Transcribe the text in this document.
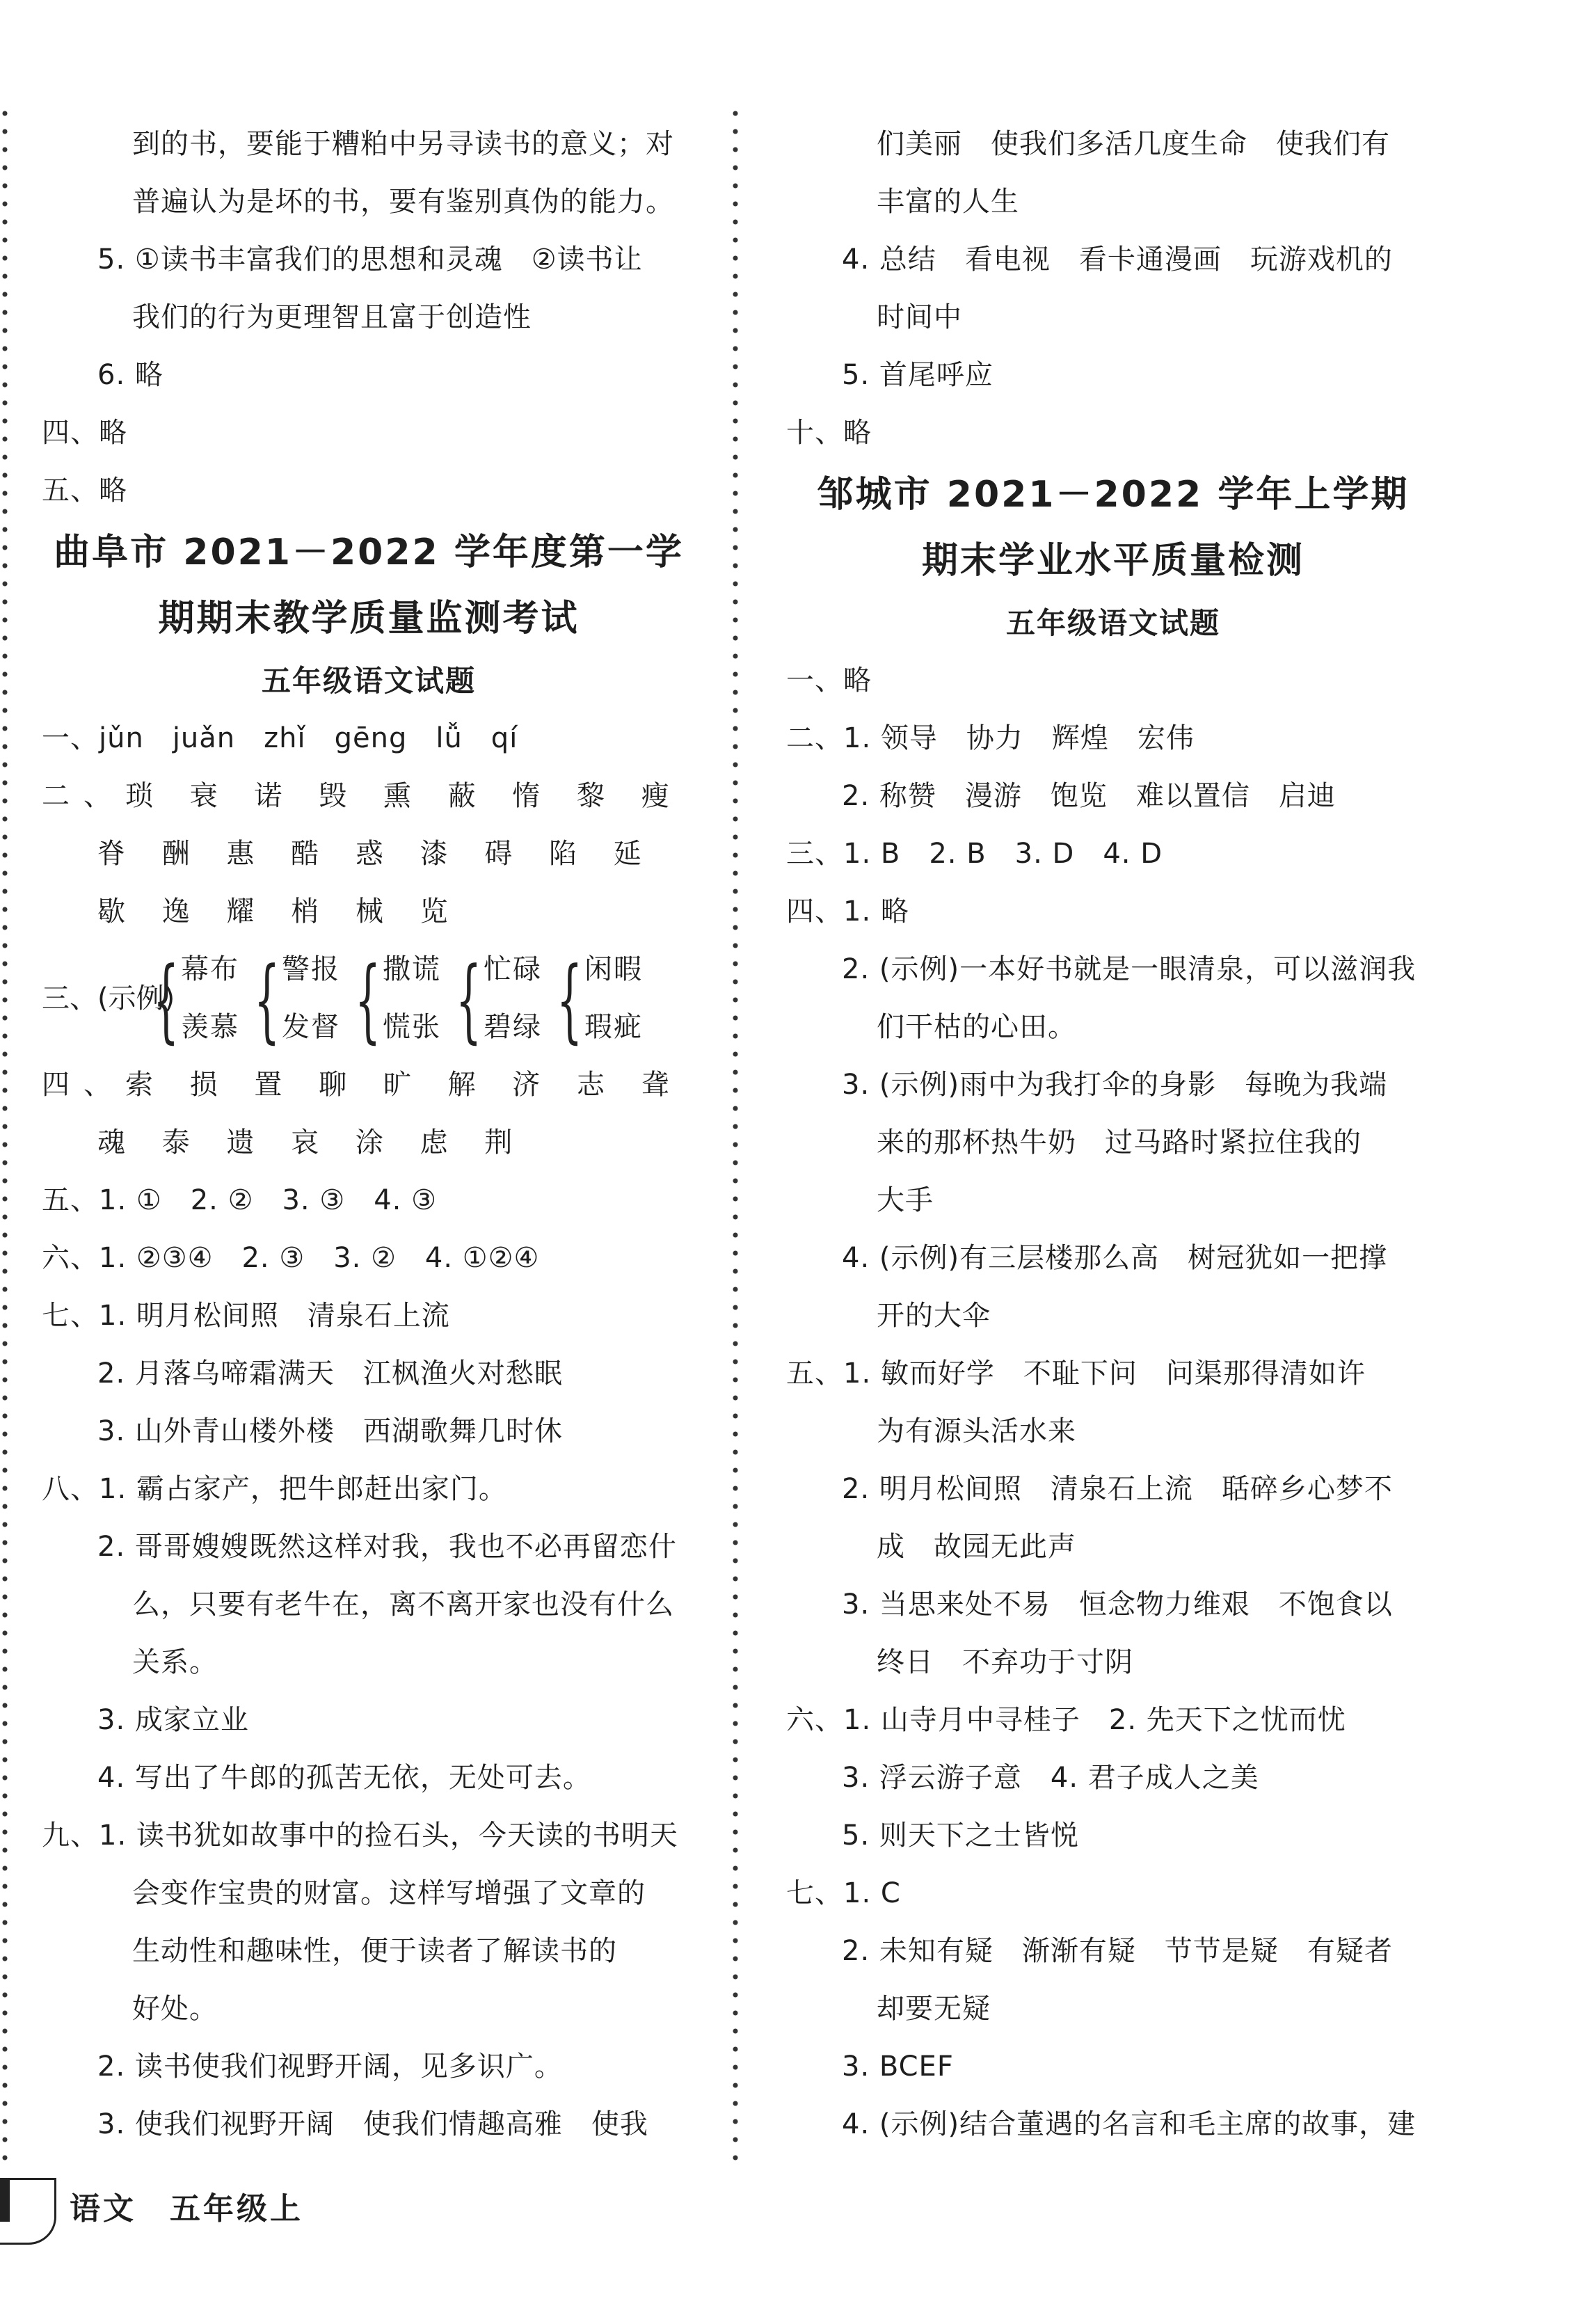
到的书，要能于糟粕中另寻读书的意义；对
普遍认为是坏的书，要有鉴别真伪的能力。
5. ①读书丰富我们的思想和灵魂　②读书让
我们的行为更理智且富于创造性
6. 略
四、略
五、略
曲阜市 2021－2022 学年度第一学
期期末教学质量监测考试
五年级语文试题
一、jǔn　juǎn　zhǐ　gēng　lǚ　qí
二、琐 衰 诺 毁 熏 蔽 惰 黎 瘦
脊 酬 惠 酷 惑 漆 碍 陷 延
歇 逸 耀 梢 械 览
三、(示例)
{ 幕布
羡慕 { 警报
发督 { 撒谎
慌张 { 忙碌
碧绿 { 闲暇
瑕疵
四、索 损 置 聊 旷 解 济 志 聋
魂 泰 遗 哀 涂 虑 荆
五、1. ①　2. ②　3. ③　4. ③
六、1. ②③④　2. ③　3. ②　4. ①②④
七、1. 明月松间照　清泉石上流
2. 月落乌啼霜满天　江枫渔火对愁眠
3. 山外青山楼外楼　西湖歌舞几时休
八、1. 霸占家产，把牛郎赶出家门。
2. 哥哥嫂嫂既然这样对我，我也不必再留恋什
么，只要有老牛在，离不离开家也没有什么
关系。
3. 成家立业
4. 写出了牛郎的孤苦无依，无处可去。
九、1. 读书犹如故事中的捡石头，今天读的书明天
会变作宝贵的财富。这样写增强了文章的
生动性和趣味性，便于读者了解读书的
好处。
2. 读书使我们视野开阔，见多识广。
3. 使我们视野开阔　使我们情趣高雅　使我
们美丽　使我们多活几度生命　使我们有
丰富的人生
4. 总结　看电视　看卡通漫画　玩游戏机的
时间中
5. 首尾呼应
十、略
邹城市 2021－2022 学年上学期
期末学业水平质量检测
五年级语文试题
一、略
二、1. 领导　协力　辉煌　宏伟
2. 称赞　漫游　饱览　难以置信　启迪
三、1. B　2. B　3. D　4. D
四、1. 略
2. (示例)一本好书就是一眼清泉，可以滋润我
们干枯的心田。
3. (示例)雨中为我打伞的身影　每晚为我端
来的那杯热牛奶　过马路时紧拉住我的
大手
4. (示例)有三层楼那么高　树冠犹如一把撑
开的大伞
五、1. 敏而好学　不耻下问　问渠那得清如许
为有源头活水来
2. 明月松间照　清泉石上流　聒碎乡心梦不
成　故园无此声
3. 当思来处不易　恒念物力维艰　不饱食以
终日　不弃功于寸阴
六、1. 山寺月中寻桂子　2. 先天下之忧而忧
3. 浮云游子意　4. 君子成人之美
5. 则天下之士皆悦
七、1. C
2. 未知有疑　渐渐有疑　节节是疑　有疑者
却要无疑
3. BCEF
4. (示例)结合董遇的名言和毛主席的故事，建
语文　五年级上
